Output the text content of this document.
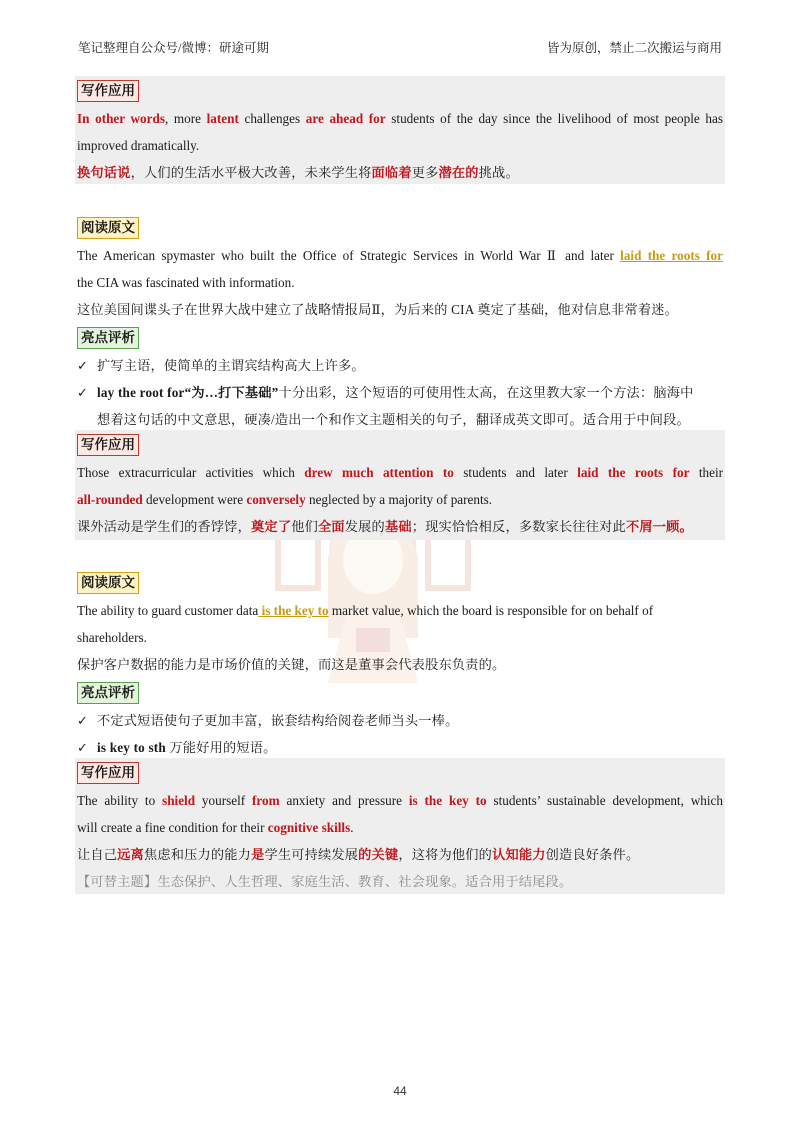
笔记整理自公众号/微博：研途可期	皆为原创，禁止二次搬运与商用
写作应用
In other words, more latent challenges are ahead for students of the day since the livelihood of most people has
improved dramatically.
换句话说，人们的生活水平极大改善，未来学生将面临着更多潜在的挑战。
阅读原文
The American spymaster who built the Office of Strategic Services in World War Ⅱ and later laid the roots for
the CIA was fascinated with information.
这位美国间谍头子在世界大战中建立了战略情报局Ⅱ，为后来的 CIA 奠定了基础，他对信息非常着迷。
亮点评析
✓ 扩写主语，使简单的主谓宾结构高大上许多。
✓ lay the root for“为…打下基础”十分出彩，这个短语的可使用性太高，在这里教大家一个方法：脑海中
想着这句话的中文意思，硬凑/造出一个和作文主题相关的句子，翻译成英文即可。适合用于中间段。
写作应用
Those extracurricular activities which drew much attention to students and later laid the roots for their
all-rounded development were conversely neglected by a majority of parents.
课外活动是学生们的香饽饽，奠定了他们全面发展的基础；现实恰恰相反，多数家长往往对此不屑一顾。
阅读原文
The ability to guard customer data is the key to market value, which the board is responsible for on behalf of
shareholders.
保护客户数据的能力是市场价值的关键，而这是董事会代表股东负责的。
亮点评析
✓ 不定式短语使句子更加丰富，嵌套结构给阅卷老师当头一棒。
✓ is key to sth 万能好用的短语。
写作应用
The ability to shield yourself from anxiety and pressure is the key to students’ sustainable development, which
will create a fine condition for their cognitive skills.
让自己远离焦虑和压力的能力是学生可持续发展的关键，这将为他们的认知能力创造良好条件。
【可替主题】生态保护、人生哲理、家庭生活、教育、社会现象。适合用于结尾段。
44
